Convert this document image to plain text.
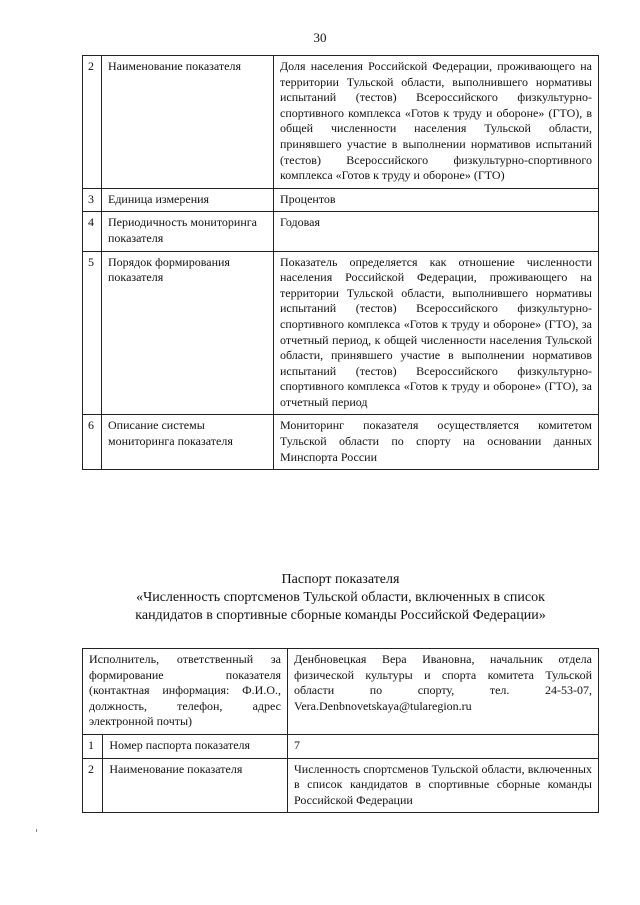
30
2	Наименование показателя	Доля населения Российской Федерации, проживающего на территории Тульской области, выполнившего нормативы испытаний (тестов) Всероссийского физкультурно-спортивного комплекса «Готов к труду и обороне» (ГТО), в общей численности населения Тульской области, принявшего участие в выполнении нормативов испытаний (тестов) Всероссийского физкультурно-спортивного комплекса «Готов к труду и обороне» (ГТО)
3	Единица измерения	Процентов
4	Периодичность мониторинга показателя	Годовая
5	Порядок формирования показателя	Показатель определяется как отношение численности населения Российской Федерации, проживающего на территории Тульской области, выполнившего нормативы испытаний (тестов) Всероссийского физкультурно-спортивного комплекса «Готов к труду и обороне» (ГТО), за отчетный период, к общей численности населения Тульской области, принявшего участие в выполнении нормативов испытаний (тестов) Всероссийского физкультурно-спортивного комплекса «Готов к труду и обороне» (ГТО), за отчетный период
6	Описание системы мониторинга показателя	Мониторинг показателя осуществляется комитетом Тульской области по спорту на основании данных Минспорта России
Паспорт показателя
«Численность спортсменов Тульской области, включенных в список
кандидатов в спортивные сборные команды Российской Федерации»
Исполнитель, ответственный за формирование показателя (контактная информация: Ф.И.О., должность, телефон, адрес электронной почты)		Денбновецкая Вера Ивановна, начальник отдела физической культуры и спорта комитета Тульской области по спорту, тел. 24-53-07, Vera.Denbnovetskaya@tularegion.ru
1	Номер паспорта показателя	7
2	Наименование показателя	Численность спортсменов Тульской области, включенных в список кандидатов в спортивные сборные команды Российской Федерации
